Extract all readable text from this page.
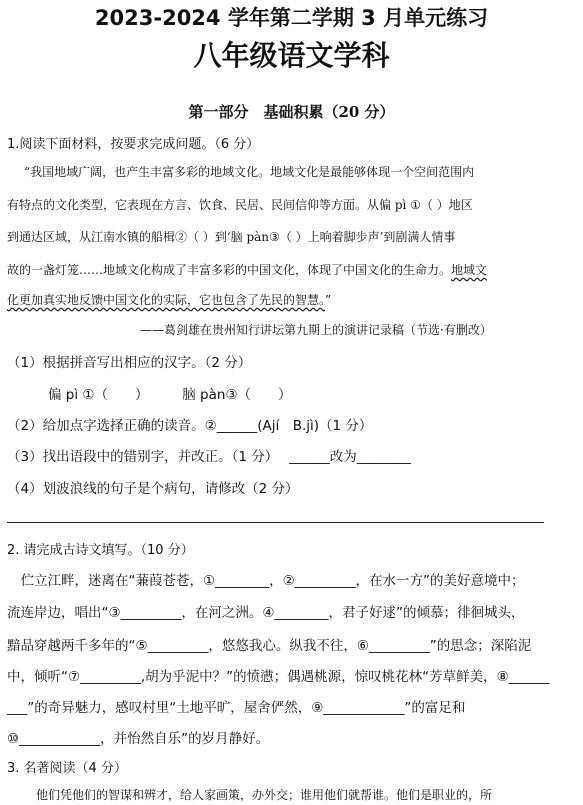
2023-2024 学年第二学期 3 月单元练习
八年级语文学科
第一部分　基础积累（20 分）
1.阅读下面材料，按要求完成问题。（6 分）
“我国地域广阔，也产生丰富多彩的地域文化。地域文化是最能够体现一个空间范围内
有特点的文化类型，它表现在方言、饮食、民居、民间信仰等方面。从偏 pì ①（ ）地区
到通达区域，从江南水镇的船楫②（ ）到‘脑 pàn③（ ）上响着脚步声’到剧满人情事
故的一盏灯笼……地域文化构成了丰富多彩的中国文化，体现了中国文化的生命力。地域文
化更加真实地反馈中国文化的实际，它也包含了先民的智慧。”
——葛剑雄在贵州知行讲坛第九期上的演讲记录稿（节选·有删改）
（1）根据拼音写出相应的汉字。（2 分）
偏 pì ①（　　）　　　脑 pàn③（　　）
（2）给加点字选择正确的读音。②______(Ají　B.jì)（1 分）
（3）找出语段中的错别字，并改正。（1 分）　 ______改为________
（4）划波浪线的句子是个病句，请修改（2 分）
2. 请完成古诗文填写。（10 分）
　伫立江畔，迷离在“蒹葭苍苍，①________，②_________，在水一方”的美好意境中；
流连岸边，唱出“③_________，在河之洲。④________，君子好逑”的倾慕；徘徊城头，
黯品穿越两千多年的“⑤_________，悠悠我心。纵我不往，⑥_________”的思念；深陷泥
中，倾听“⑦_________,胡为乎泥中？”的愤懑；偶遇桃源，惊叹桃花林“芳草鲜美，⑧______
___”的奇异魅力，感叹村里“土地平旷，屋舍俨然，⑨____________”的富足和
⑩____________，并怡然自乐”的岁月静好。
3. 名著阅读（4 分）
　他们凭他们的智谋和辨才，给人家画策，办外交；谁用他们就帮谁。他们是职业的，所
